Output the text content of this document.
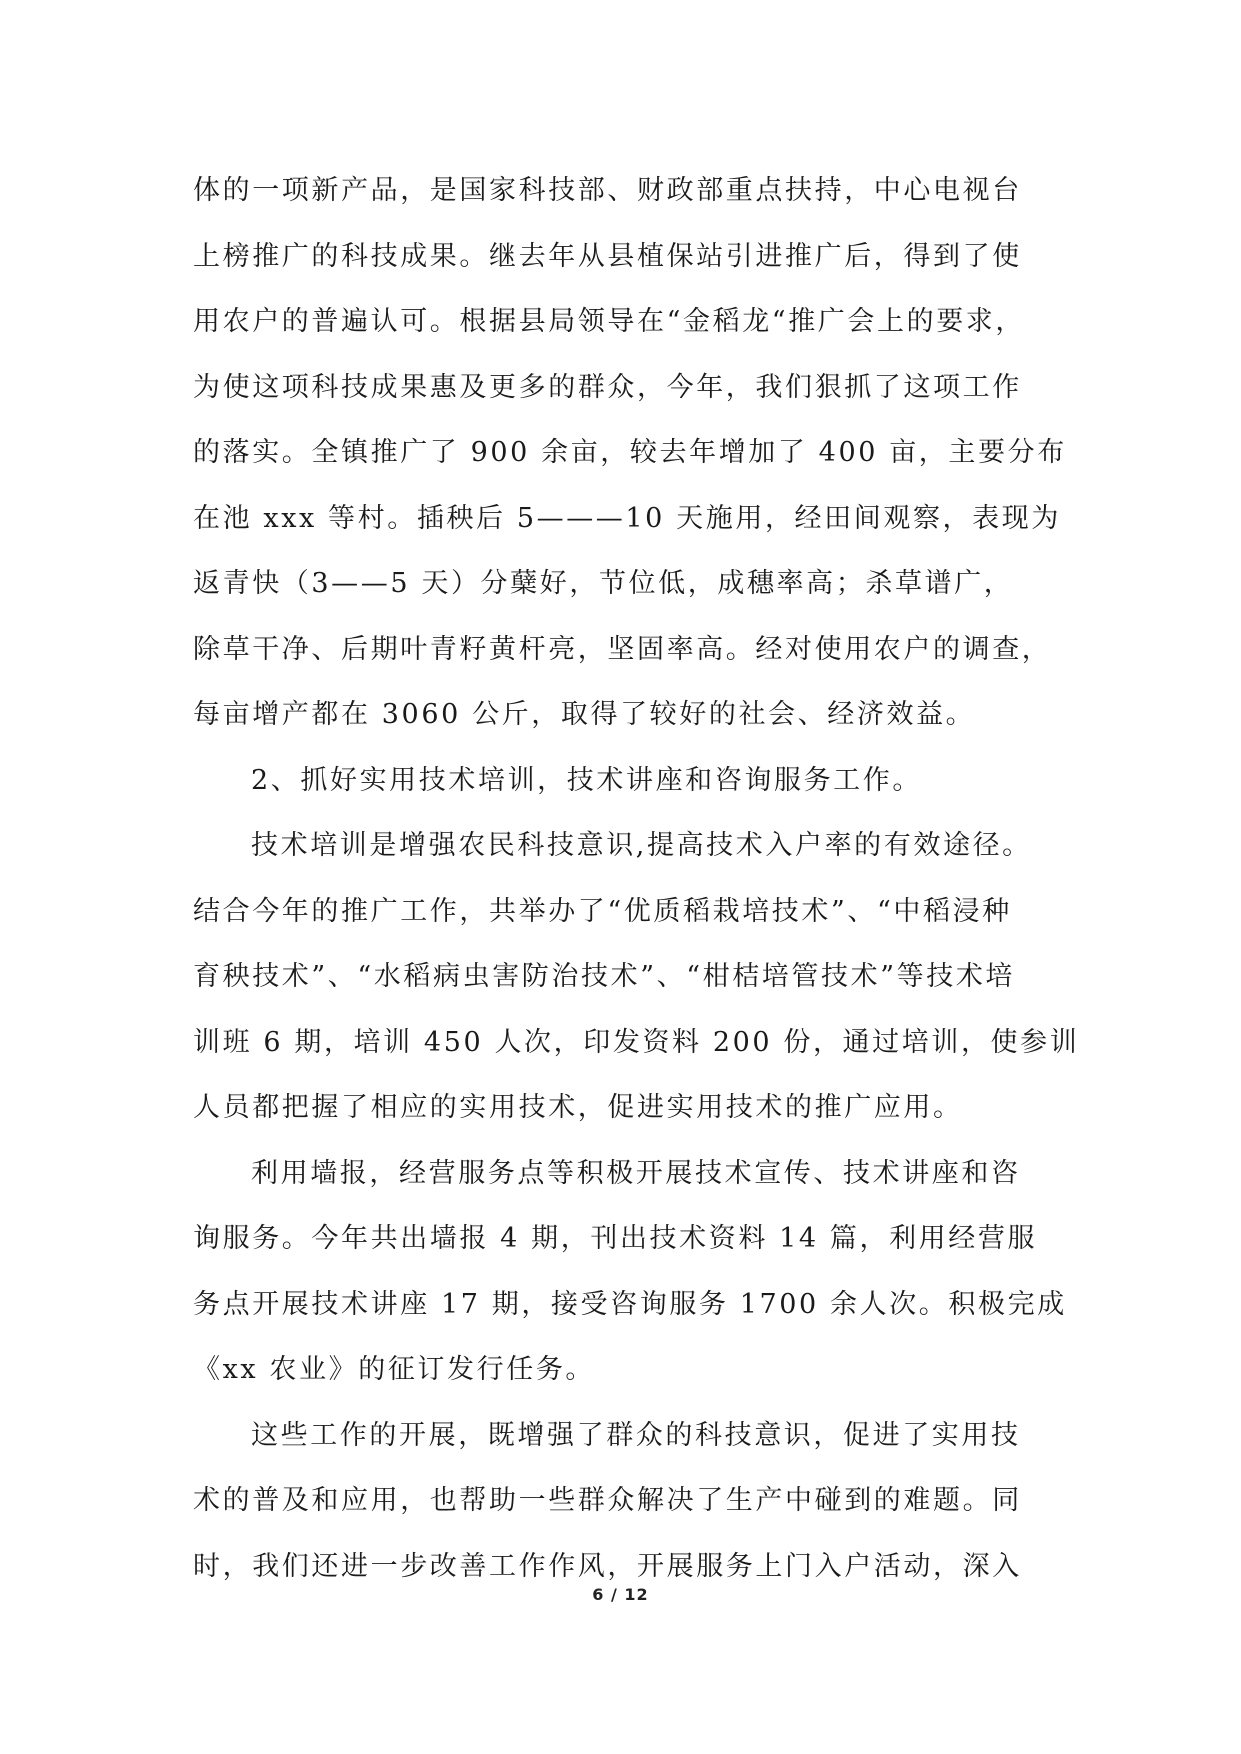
体的一项新产品，是国家科技部、财政部重点扶持，中心电视台
上榜推广的科技成果。继去年从县植保站引进推广后，得到了使
用农户的普遍认可。根据县局领导在“金稻龙“推广会上的要求，
为使这项科技成果惠及更多的群众，今年，我们狠抓了这项工作
的落实。全镇推广了 900 余亩，较去年增加了 400 亩，主要分布
在池 xxx 等村。插秧后 5———10 天施用，经田间观察，表现为
返青快（3——5 天）分蘖好，节位低，成穗率高；杀草谱广，
除草干净、后期叶青籽黄杆亮，坚固率高。经对使用农户的调查，
每亩增产都在 3060 公斤，取得了较好的社会、经济效益。
2、抓好实用技术培训，技术讲座和咨询服务工作。
技术培训是增强农民科技意识,提高技术入户率的有效途径。
结合今年的推广工作，共举办了“优质稻栽培技术”、“中稻浸种
育秧技术”、“水稻病虫害防治技术”、“柑桔培管技术”等技术培
训班 6 期，培训 450 人次，印发资料 200 份，通过培训，使参训
人员都把握了相应的实用技术，促进实用技术的推广应用。
利用墙报，经营服务点等积极开展技术宣传、技术讲座和咨
询服务。今年共出墙报 4 期，刊出技术资料 14 篇，利用经营服
务点开展技术讲座 17 期，接受咨询服务 1700 余人次。积极完成
《xx 农业》的征订发行任务。
这些工作的开展，既增强了群众的科技意识，促进了实用技
术的普及和应用，也帮助一些群众解决了生产中碰到的难题。同
时，我们还进一步改善工作作风，开展服务上门入户活动，深入
6 / 12
